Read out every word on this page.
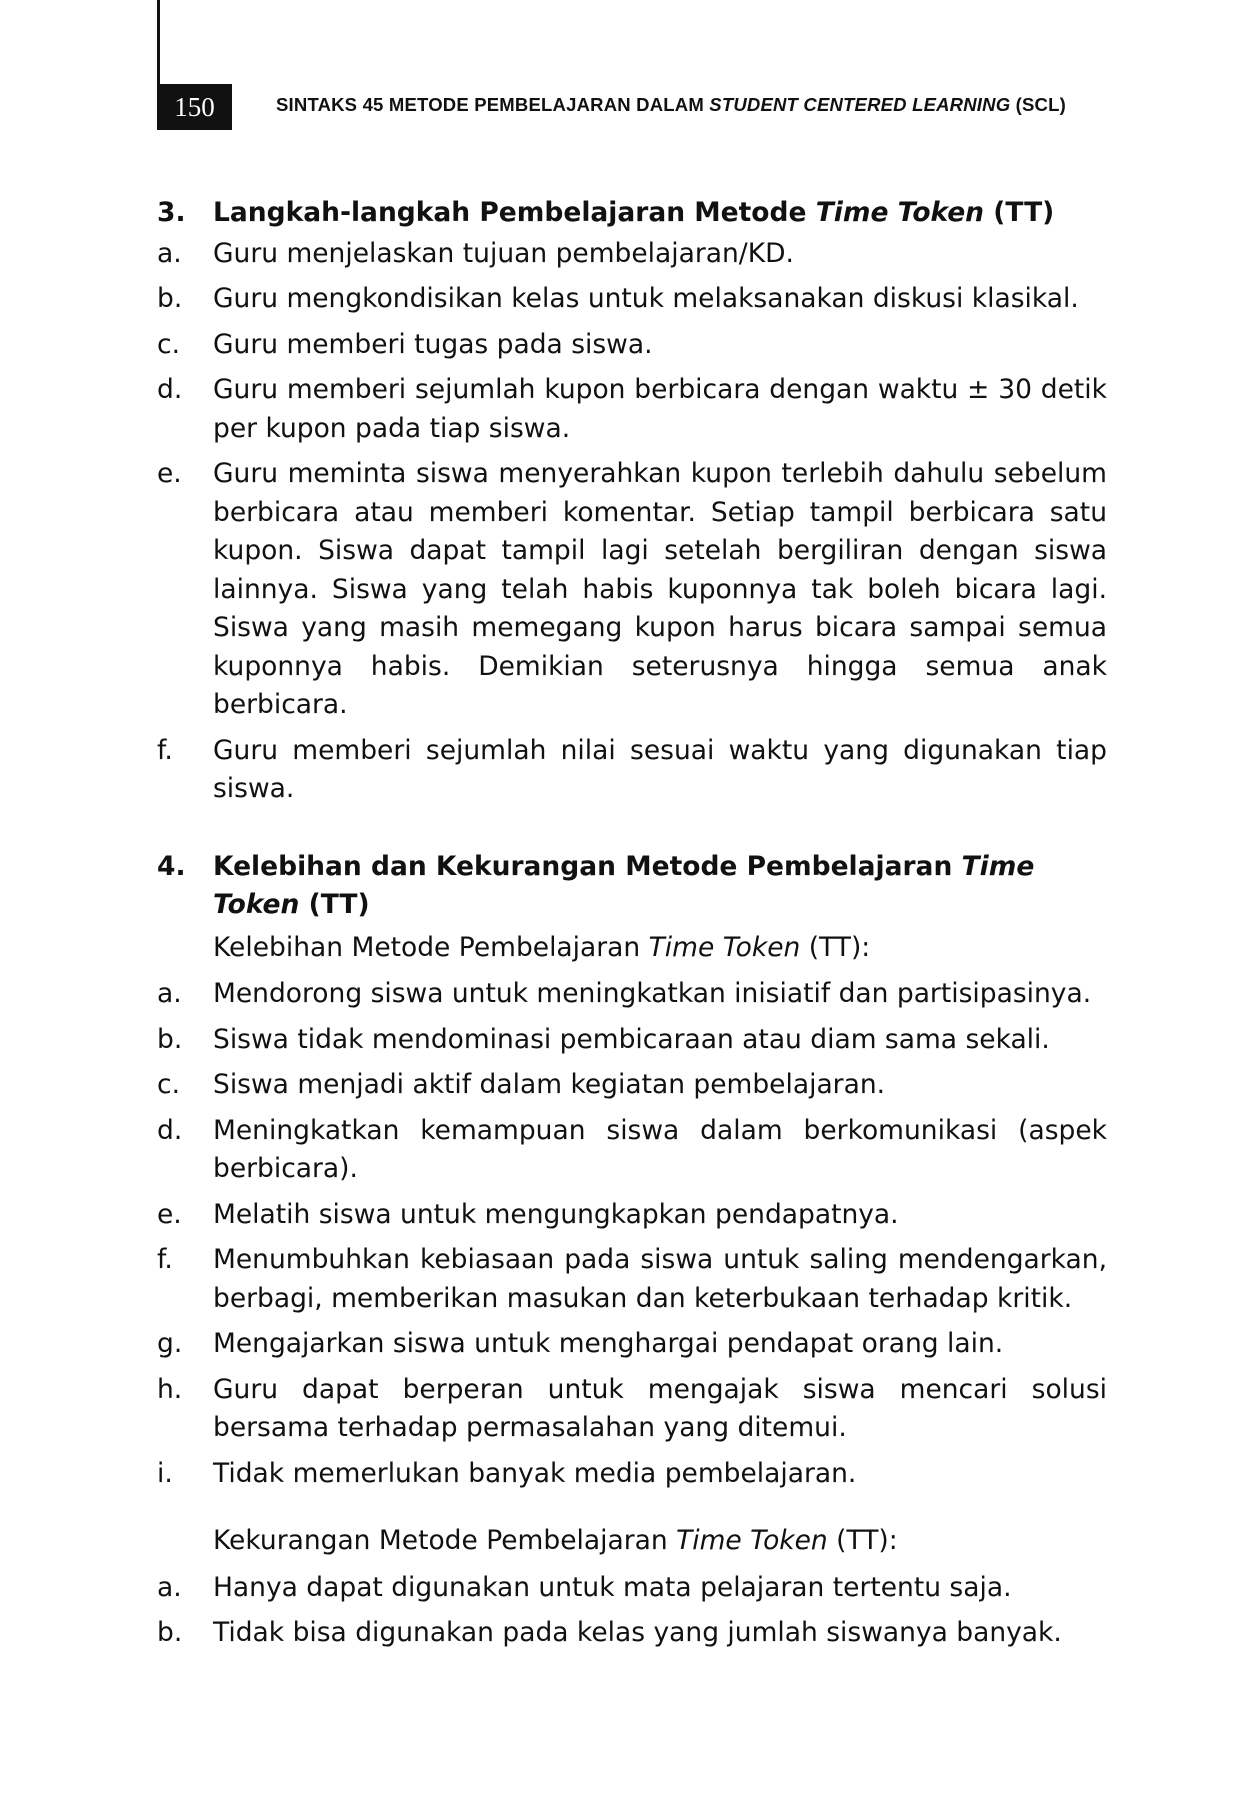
150	SINTAKS 45 METODE PEMBELAJARAN DALAM STUDENT CENTERED LEARNING (SCL)
3.	Langkah-langkah Pembelajaran Metode Time Token (TT)
a.	Guru menjelaskan tujuan pembelajaran/KD.
b.	Guru mengkondisikan kelas untuk melaksanakan diskusi klasikal.
c.	Guru memberi tugas pada siswa.
d.	Guru memberi sejumlah kupon berbicara dengan waktu ± 30 detik per kupon pada tiap siswa.
e.	Guru meminta siswa menyerahkan kupon terlebih dahulu sebelum berbicara atau memberi komentar. Setiap tampil berbicara satu kupon. Siswa dapat tampil lagi setelah bergiliran dengan siswa lainnya. Siswa yang telah habis kuponnya tak boleh bicara lagi. Siswa yang masih memegang kupon harus bicara sampai semua kuponnya habis. Demikian seterusnya hingga semua anak berbicara.
f.	Guru memberi sejumlah nilai sesuai waktu yang digunakan tiap siswa.
4.	Kelebihan dan Kekurangan Metode Pembelajaran Time Token (TT)
Kelebihan Metode Pembelajaran Time Token (TT):
a.	Mendorong siswa untuk meningkatkan inisiatif dan partisipasinya.
b.	Siswa tidak mendominasi pembicaraan atau diam sama sekali.
c.	Siswa menjadi aktif dalam kegiatan pembelajaran.
d.	Meningkatkan kemampuan siswa dalam berkomunikasi (aspek berbicara).
e.	Melatih siswa untuk mengungkapkan pendapatnya.
f.	Menumbuhkan kebiasaan pada siswa untuk saling mendengarkan, berbagi, memberikan masukan dan keterbukaan terhadap kritik.
g.	Mengajarkan siswa untuk menghargai pendapat orang lain.
h.	Guru dapat berperan untuk mengajak siswa mencari solusi bersama terhadap permasalahan yang ditemui.
i.	Tidak memerlukan banyak media pembelajaran.
Kekurangan Metode Pembelajaran Time Token (TT):
a.	Hanya dapat digunakan untuk mata pelajaran tertentu saja.
b.	Tidak bisa digunakan pada kelas yang jumlah siswanya banyak.
